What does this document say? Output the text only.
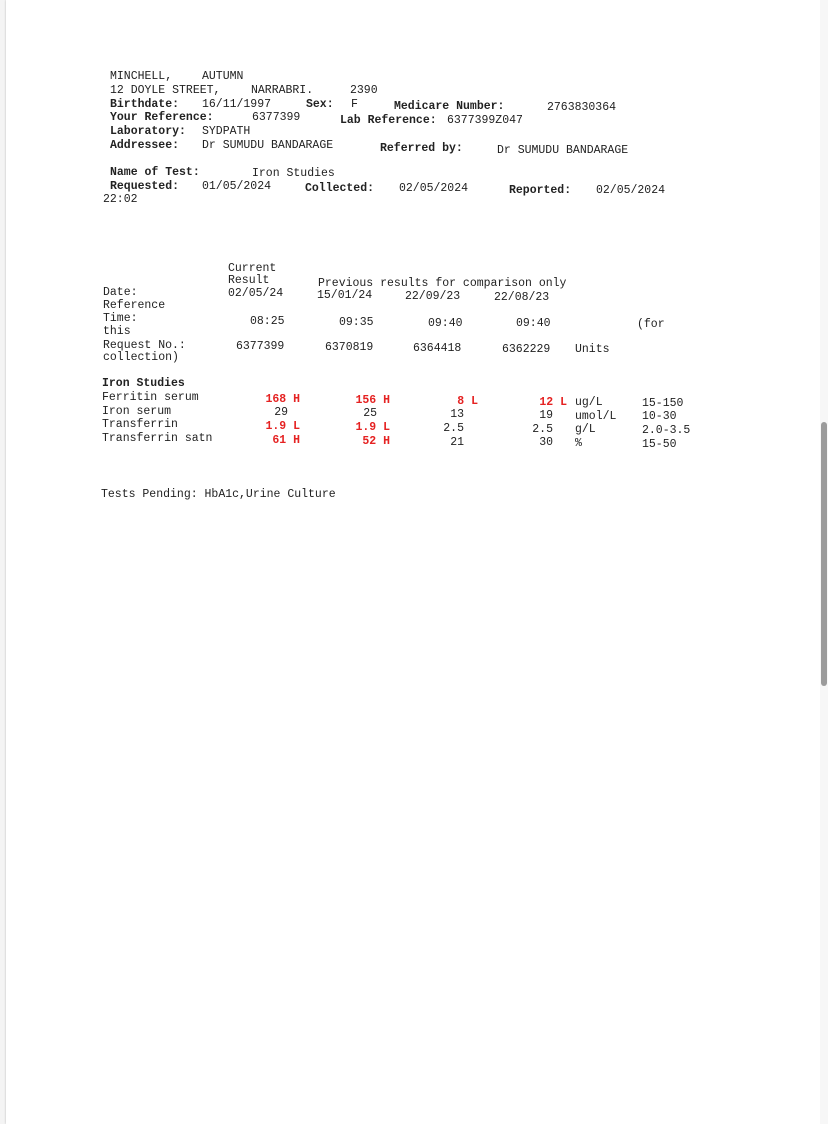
MINCHELL,	AUTUMN
12 DOYLE STREET,	NARRABRI.	2390
Birthdate: 16/11/1997	Sex: F	Medicare Number:	2763830364
Your Reference:	6377399	Lab Reference: 6377399Z047
Laboratory: SYDPATH
Addressee: Dr SUMUDU BANDARAGE	Referred by:	Dr SUMUDU BANDARAGE
Name of Test:	Iron Studies
Requested: 01/05/2024	Collected: 02/05/2024	Reported: 02/05/2024
22:02
Current
Result	Previous results for comparison only
Date:	02/05/24	15/01/24	22/09/23	22/08/23
Reference
Time:	08:25	09:35	09:40	09:40	(for
this
Request No.:	6377399	6370819	6364418	6362229 Units
collection)
Iron Studies
Ferritin serum	168 H	156 H	8 L	12 L ug/L	15-150
Iron serum	29	25	13	19 umol/L 10-30
Transferrin	1.9 L	1.9 L	2.5	2.5 g/L	2.0-3.5
Transferrin satn	61 H	52 H	21	30 %	15-50
Tests Pending: HbA1c,Urine Culture
